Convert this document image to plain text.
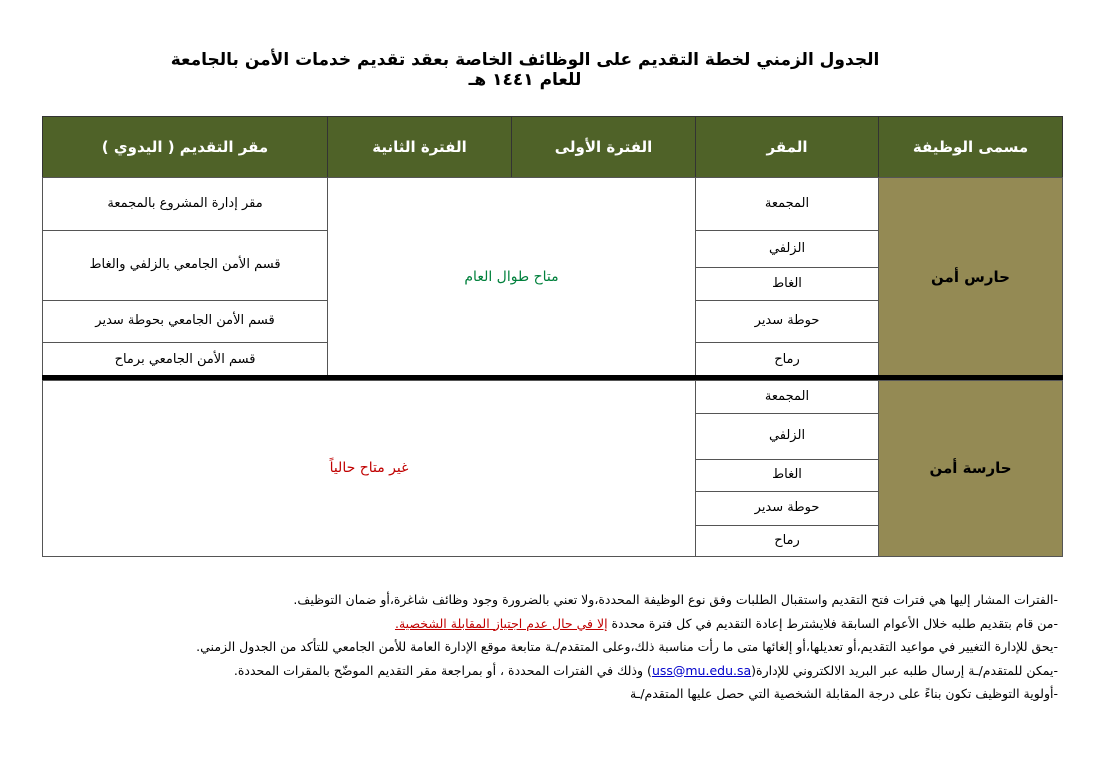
الجدول الزمني لخطة التقديم على الوظائف الخاصة بعقد تقديم خدمات الأمن بالجامعة للعام ١٤٤١ هـ
مسمى الوظيفة
المقر
الفترة الأولى
الفترة الثانية
مقر التقديم ( اليدوي )
حارس أمن
المجمعة
الزلفي
الغاط
حوطة سدير
رماح
متاح طوال العام
مقر إدارة المشروع بالمجمعة
قسم الأمن الجامعي بالزلفي والغاط
قسم الأمن الجامعي بحوطة سدير
قسم الأمن الجامعي برماح
حارسة أمن
المجمعة
الزلفي
الغاط
حوطة سدير
رماح
غير متاح حالياً
-الفترات المشار إليها هي فترات فتح التقديم واستقبال الطلبات وفق نوع الوظيفة المحددة،ولا تعني بالضرورة وجود وظائف شاغرة،أو ضمان التوظيف.
-من قام بتقديم طلبه خلال الأعوام السابقة فلايشترط إعادة التقديم في كل فترة محددة إلا في حال عدم اجتياز المقابلة الشخصية.
-يحق للإدارة التغيير في مواعيد التقديم،أو تعديلها،أو إلغائها متى ما رأت مناسبة ذلك،وعلى المتقدم/ـة متابعة موقع الإدارة العامة للأمن الجامعي للتأكد من الجدول الزمني.
-يمكن للمتقدم/ـة إرسال طلبه عبر البريد الالكتروني للإدارة(uss@mu.edu.sa) وذلك في الفترات المحددة ، أو بمراجعة مقر التقديم الموضّح بالمقرات المحددة.
-أولوية التوظيف تكون بناءً على درجة المقابلة الشخصية التي حصل عليها المتقدم/ـة
